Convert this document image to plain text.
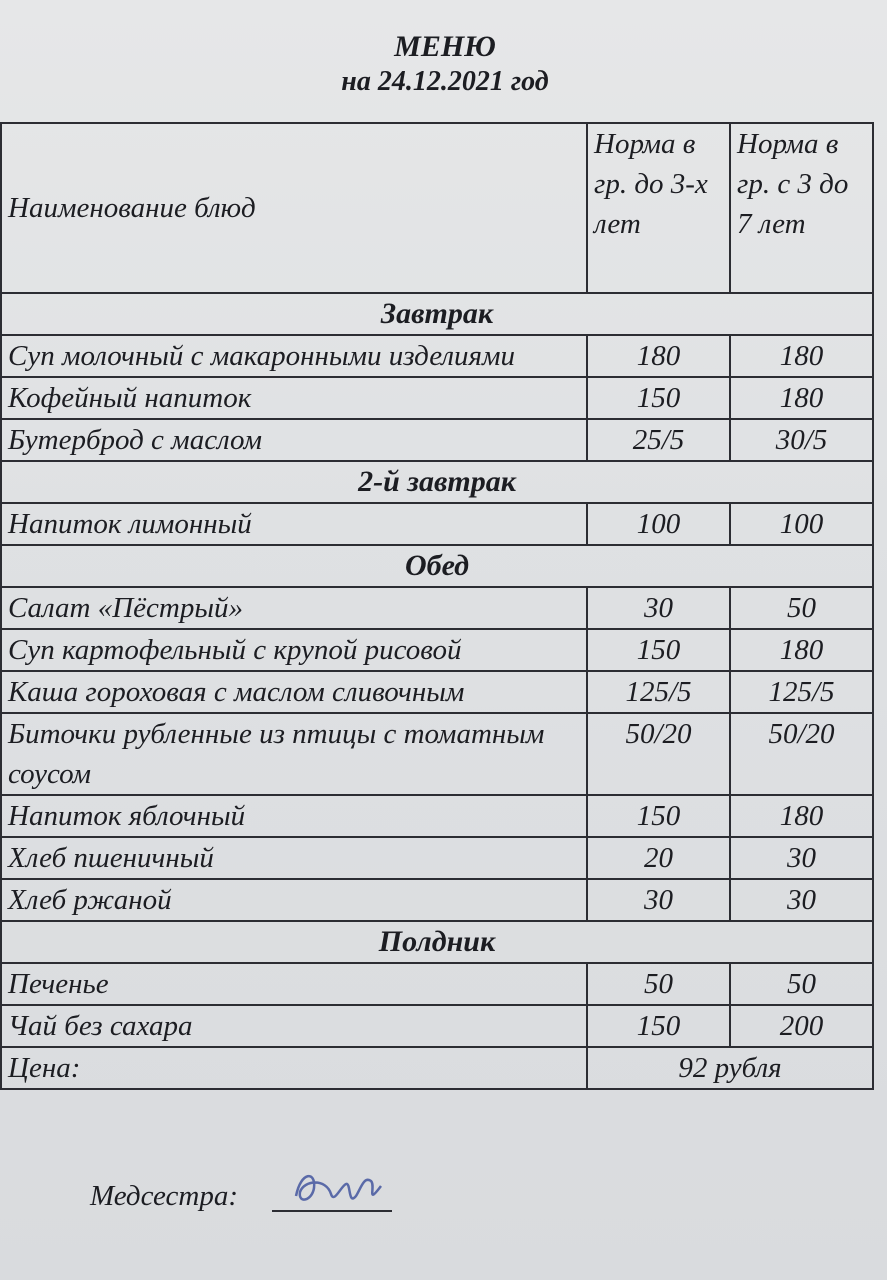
МЕНЮ
на 24.12.2021 год
Наименование блюд	Норма в гр. до 3-х лет	Норма в гр. с 3 до 7 лет
Завтрак		
Суп молочный с макаронными изделиями	180	180
Кофейный напиток	150	180
Бутерброд с маслом	25/5	30/5
2-й завтрак		
Напиток лимонный	100	100
Обед		
Салат «Пёстрый»	30	50
Суп картофельный с крупой рисовой	150	180
Каша гороховая с маслом сливочным	125/5	125/5
Биточки рубленные из птицы с томатным соусом	50/20	50/20
Напиток яблочный	150	180
Хлеб пшеничный	20	30
Хлеб ржаной	30	30
Полдник		
Печенье	50	50
Чай без сахара	150	200
Цена:	92 рубля	
Медсестра:
